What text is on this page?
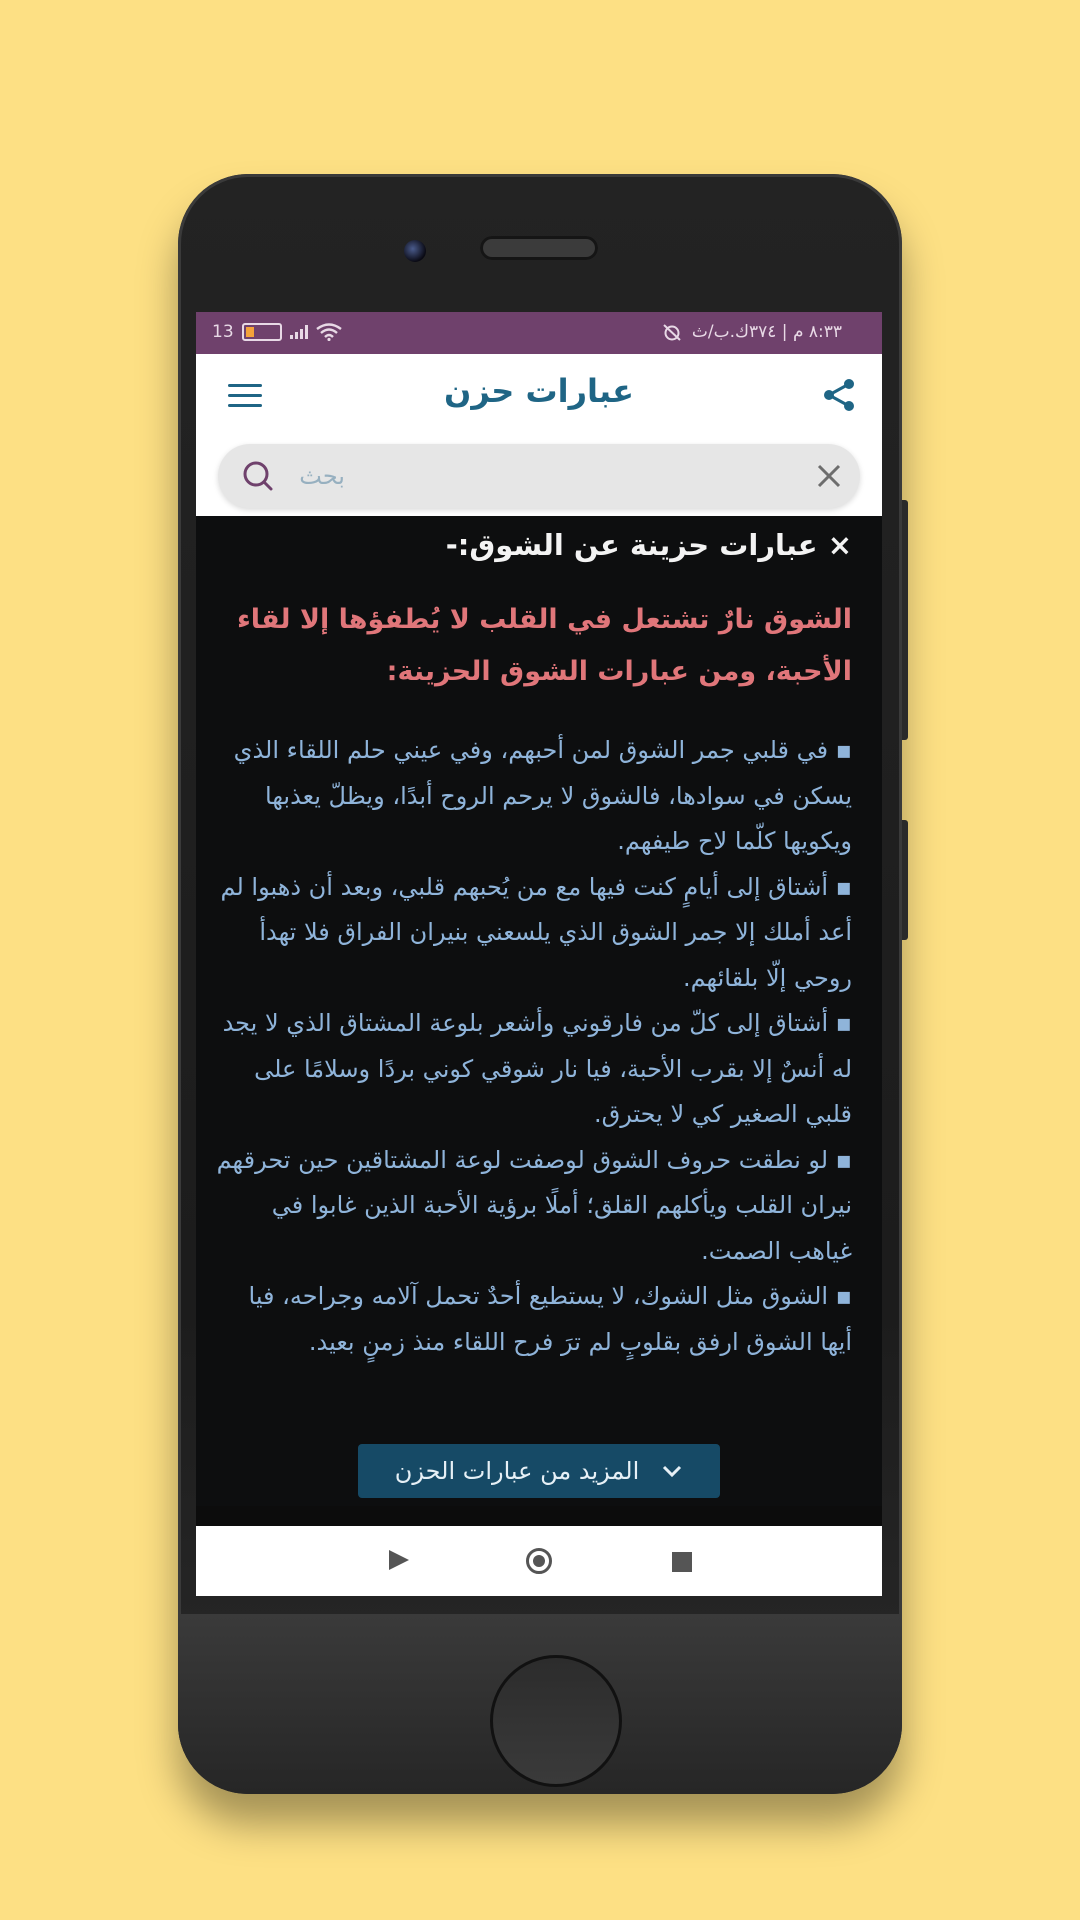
13	٨:٣٣ م | ٣٧٤ك.ب/ث
عبارات حزن
بحث
× عبارات حزينة عن الشوق:-
الشوق نارٌ تشتعل في القلب لا يُطفؤها إلا لقاء الأحبة، ومن عبارات الشوق الحزينة:

▪ في قلبي جمر الشوق لمن أحبهم، وفي عيني حلم اللقاء الذي يسكن في سوادها، فالشوق لا يرحم الروح أبدًا، ويظلّ يعذبها ويكويها كلّما لاح طيفهم.

▪ أشتاق إلى أيامٍ كنت فيها مع من يُحبهم قلبي، وبعد أن ذهبوا لم أعد أملك إلا جمر الشوق الذي يلسعني بنيران الفراق فلا تهدأ روحي إلّا بلقائهم.

▪ أشتاق إلى كلّ من فارقوني وأشعر بلوعة المشتاق الذي لا يجد له أنسٌ إلا بقرب الأحبة، فيا نار شوقي كوني بردًا وسلامًا على قلبي الصغير كي لا يحترق.

▪ لو نطقت حروف الشوق لوصفت لوعة المشتاقين حين تحرقهم نيران القلب ويأكلهم القلق؛ أملًا برؤية الأحبة الذين غابوا في غياهب الصمت.

▪ الشوق مثل الشوك، لا يستطيع أحدٌ تحمل آلامه وجراحه، فيا أيها الشوق ارفق بقلوبٍ لم ترَ فرح اللقاء منذ زمنٍ بعيد.

المزيد من عبارات الحزن
